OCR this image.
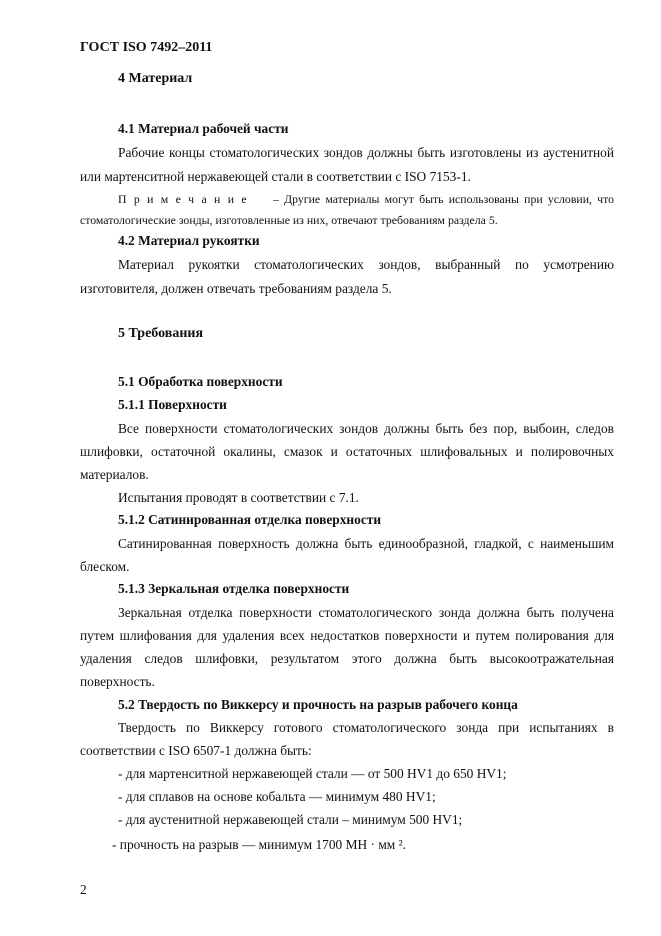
ГОСТ ISO 7492–2011
4 Материал
4.1 Материал рабочей части
Рабочие концы стоматологических зондов должны быть изготовлены из аустенитной
или мартенситной нержавеющей стали в соответствии с ISO 7153-1.
П р и м е ч а н и е – Другие материалы могут быть использованы при условии, что
стоматологические зонды, изготовленные из них, отвечают требованиям раздела 5.
4.2 Материал рукоятки
Материал рукоятки стоматологических зондов, выбранный по усмотрению
изготовителя, должен отвечать требованиям раздела 5.
5 Требования
5.1 Обработка поверхности
5.1.1 Поверхности
Все поверхности стоматологических зондов должны быть без пор, выбоин, следов
шлифовки, остаточной окалины, смазок и остаточных шлифовальных и полировочных
материалов.
Испытания проводят в соответствии с 7.1.
5.1.2 Сатинированная отделка поверхности
Сатинированная поверхность должна быть единообразной, гладкой, с наименьшим
блеском.
5.1.3 Зеркальная отделка поверхности
Зеркальная отделка поверхности стоматологического зонда должна быть получена
путем шлифования для удаления всех недостатков поверхности и путем полирования для
удаления следов шлифовки, результатом этого должна быть высокоотражательная
поверхность.
5.2 Твердость по Виккерсу и прочность на разрыв рабочего конца
Твердость по Виккерсу готового стоматологического зонда при испытаниях в
соответствии с ISO 6507-1 должна быть:
- для мартенситной нержавеющей стали –– от 500 HV1 до 650 HV1;
- для сплавов на основе кобальта — минимум 480 HV1;
- для аустенитной нержавеющей стали – минимум 500 HV1;
- прочность на разрыв — минимум 1700 МН · мм ².
2
